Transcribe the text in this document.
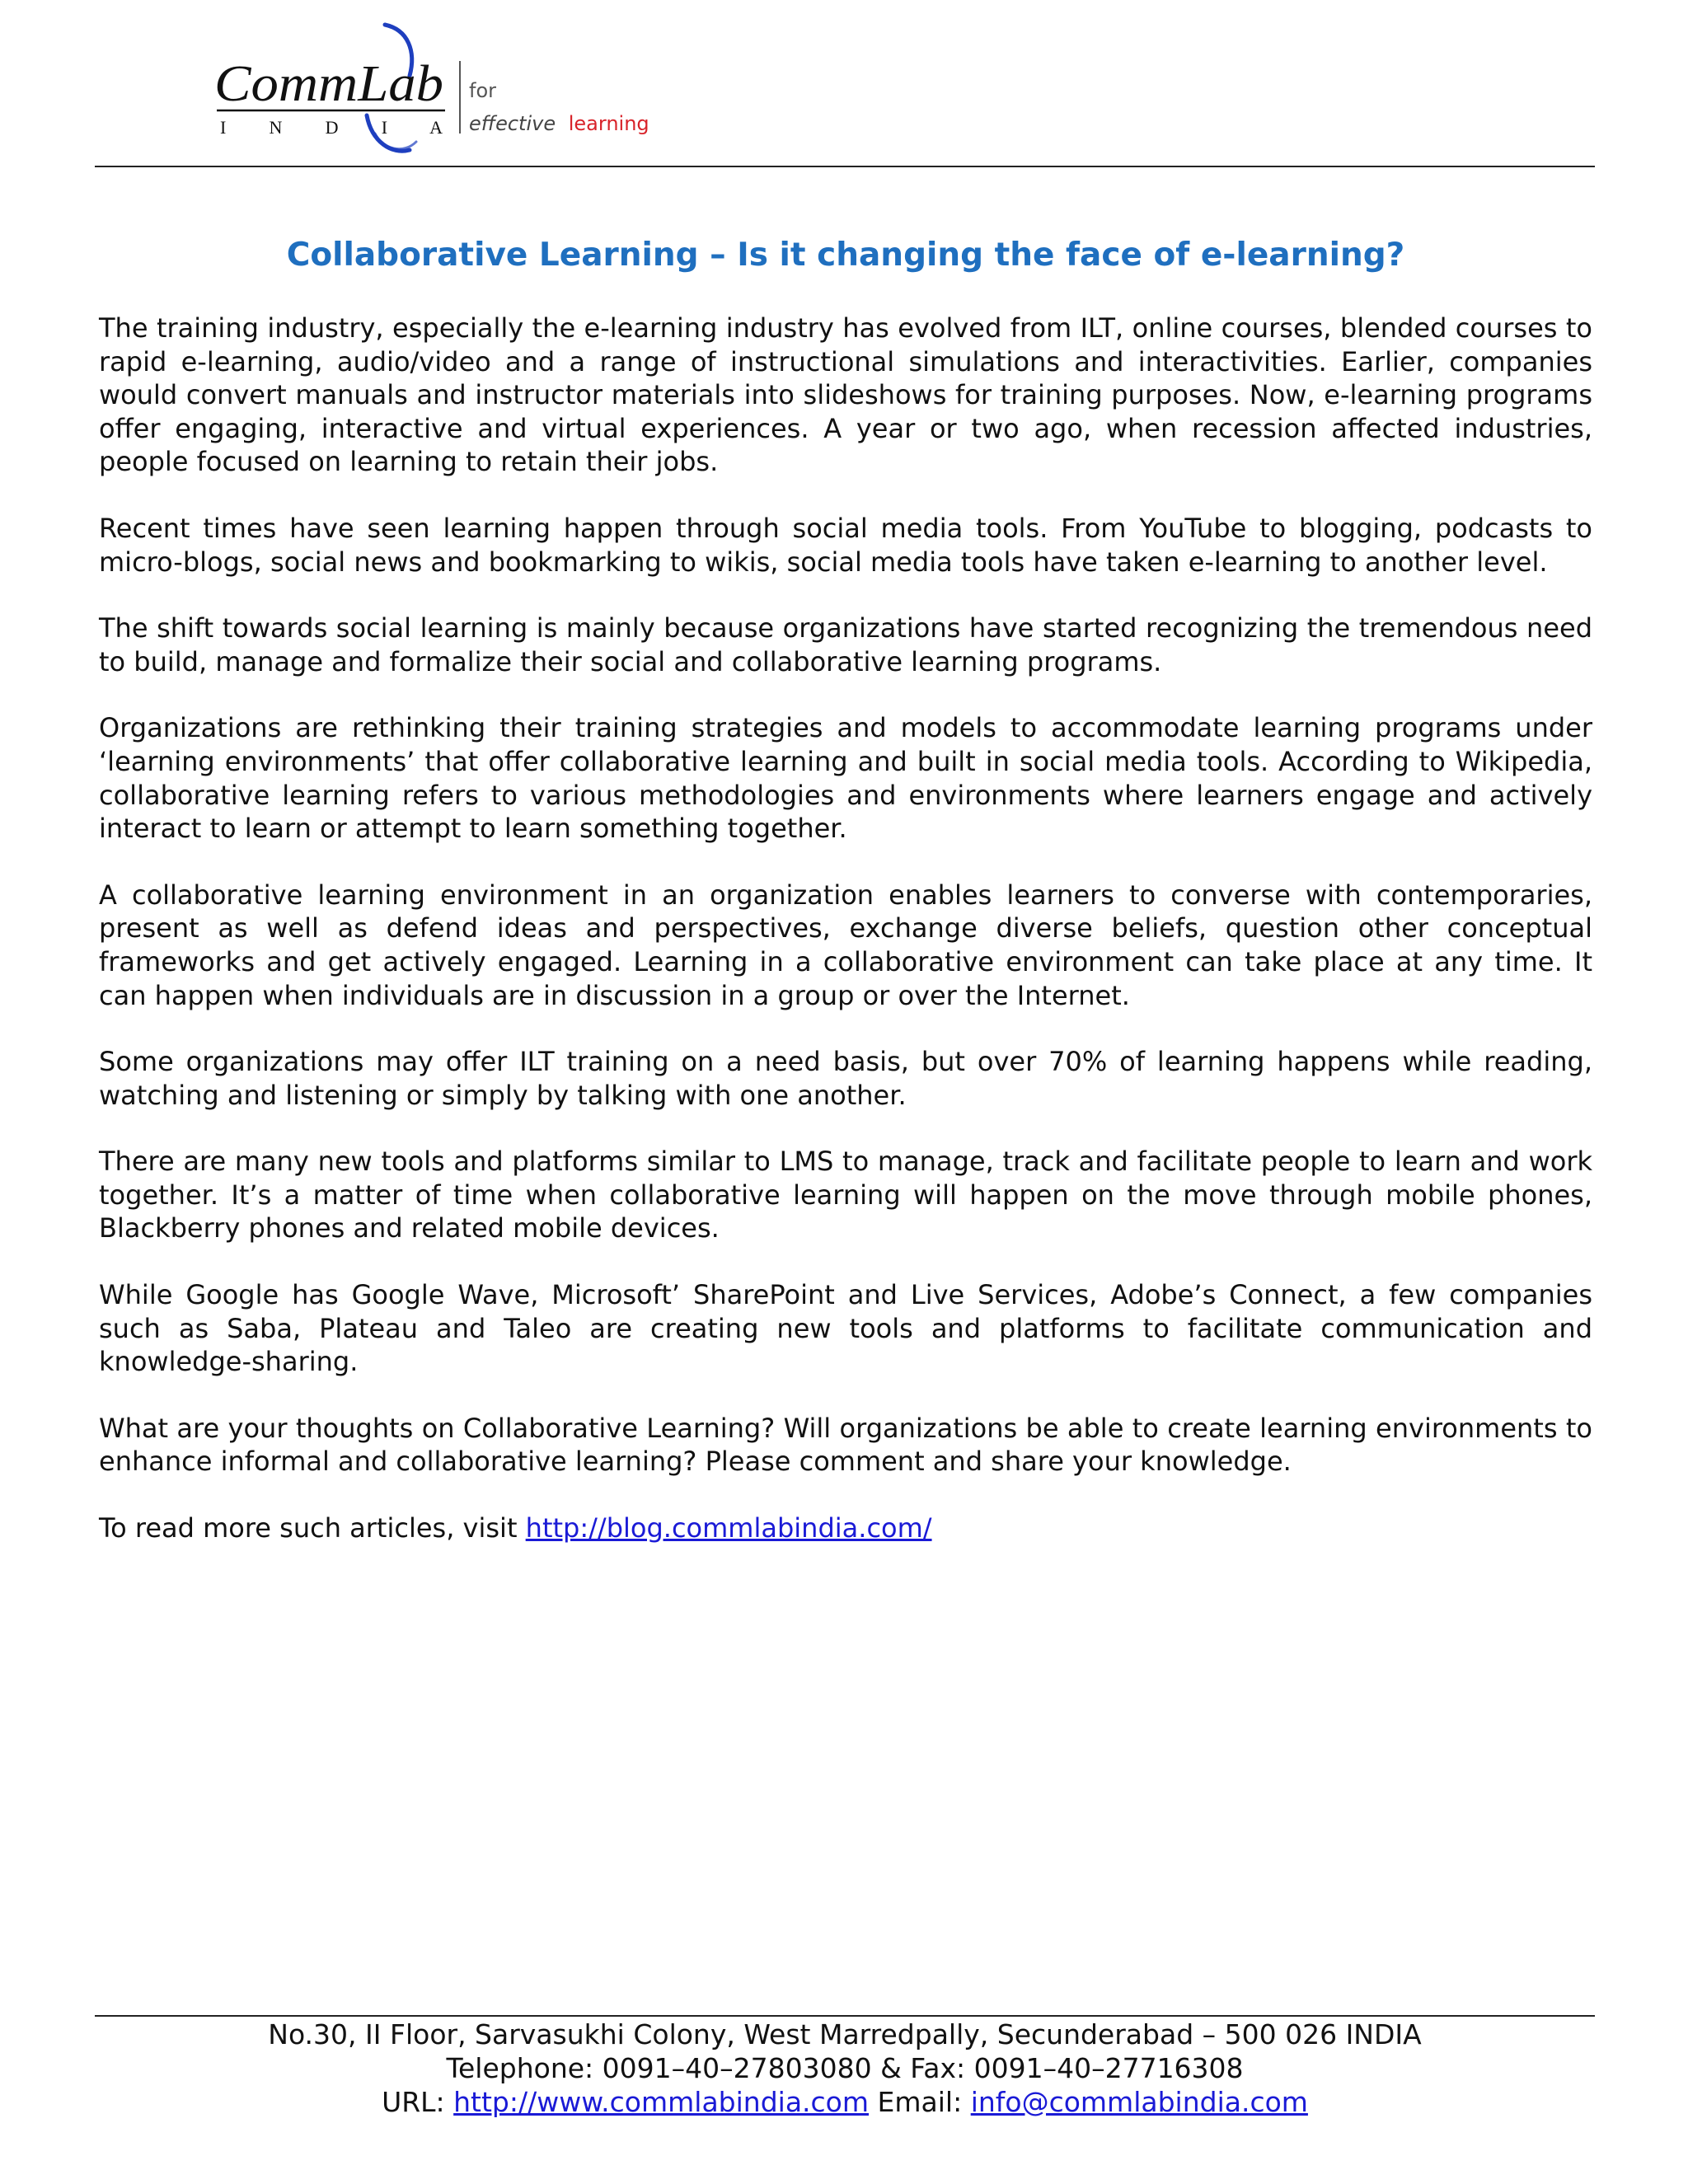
CommLab
I N D I A
for
effective learning
Collaborative Learning – Is it changing the face of e-learning?

The training industry, especially the e-learning industry has evolved from ILT, online courses, blended courses to rapid e-learning, audio/video and a range of instructional simulations and interactivities. Earlier, companies would convert manuals and instructor materials into slideshows for training purposes. Now, e-learning programs offer engaging, interactive and virtual experiences. A year or two ago, when recession affected industries, people focused on learning to retain their jobs.

Recent times have seen learning happen through social media tools. From YouTube to blogging, podcasts to micro-blogs, social news and bookmarking to wikis, social media tools have taken e-learning to another level.

The shift towards social learning is mainly because organizations have started recognizing the tremendous need to build, manage and formalize their social and collaborative learning programs.

Organizations are rethinking their training strategies and models to accommodate learning programs under ‘learning environments’ that offer collaborative learning and built in social media tools. According to Wikipedia, collaborative learning refers to various methodologies and environments where learners engage and actively interact to learn or attempt to learn something together.

A collaborative learning environment in an organization enables learners to converse with contemporaries, present as well as defend ideas and perspectives, exchange diverse beliefs, question other conceptual frameworks and get actively engaged. Learning in a collaborative environment can take place at any time. It can happen when individuals are in discussion in a group or over the Internet.

Some organizations may offer ILT training on a need basis, but over 70% of learning happens while reading, watching and listening or simply by talking with one another.

There are many new tools and platforms similar to LMS to manage, track and facilitate people to learn and work together. It’s a matter of time when collaborative learning will happen on the move through mobile phones, Blackberry phones and related mobile devices.

While Google has Google Wave, Microsoft’ SharePoint and Live Services, Adobe’s Connect, a few companies such as Saba, Plateau and Taleo are creating new tools and platforms to facilitate communication and knowledge-sharing.

What are your thoughts on Collaborative Learning? Will organizations be able to create learning environments to enhance informal and collaborative learning? Please comment and share your knowledge.

To read more such articles, visit http://blog.commlabindia.com/

No.30, II Floor, Sarvasukhi Colony, West Marredpally, Secunderabad – 500 026 INDIA
Telephone: 0091–40–27803080 & Fax: 0091–40–27716308
URL: http://www.commlabindia.com Email: info@commlabindia.com
